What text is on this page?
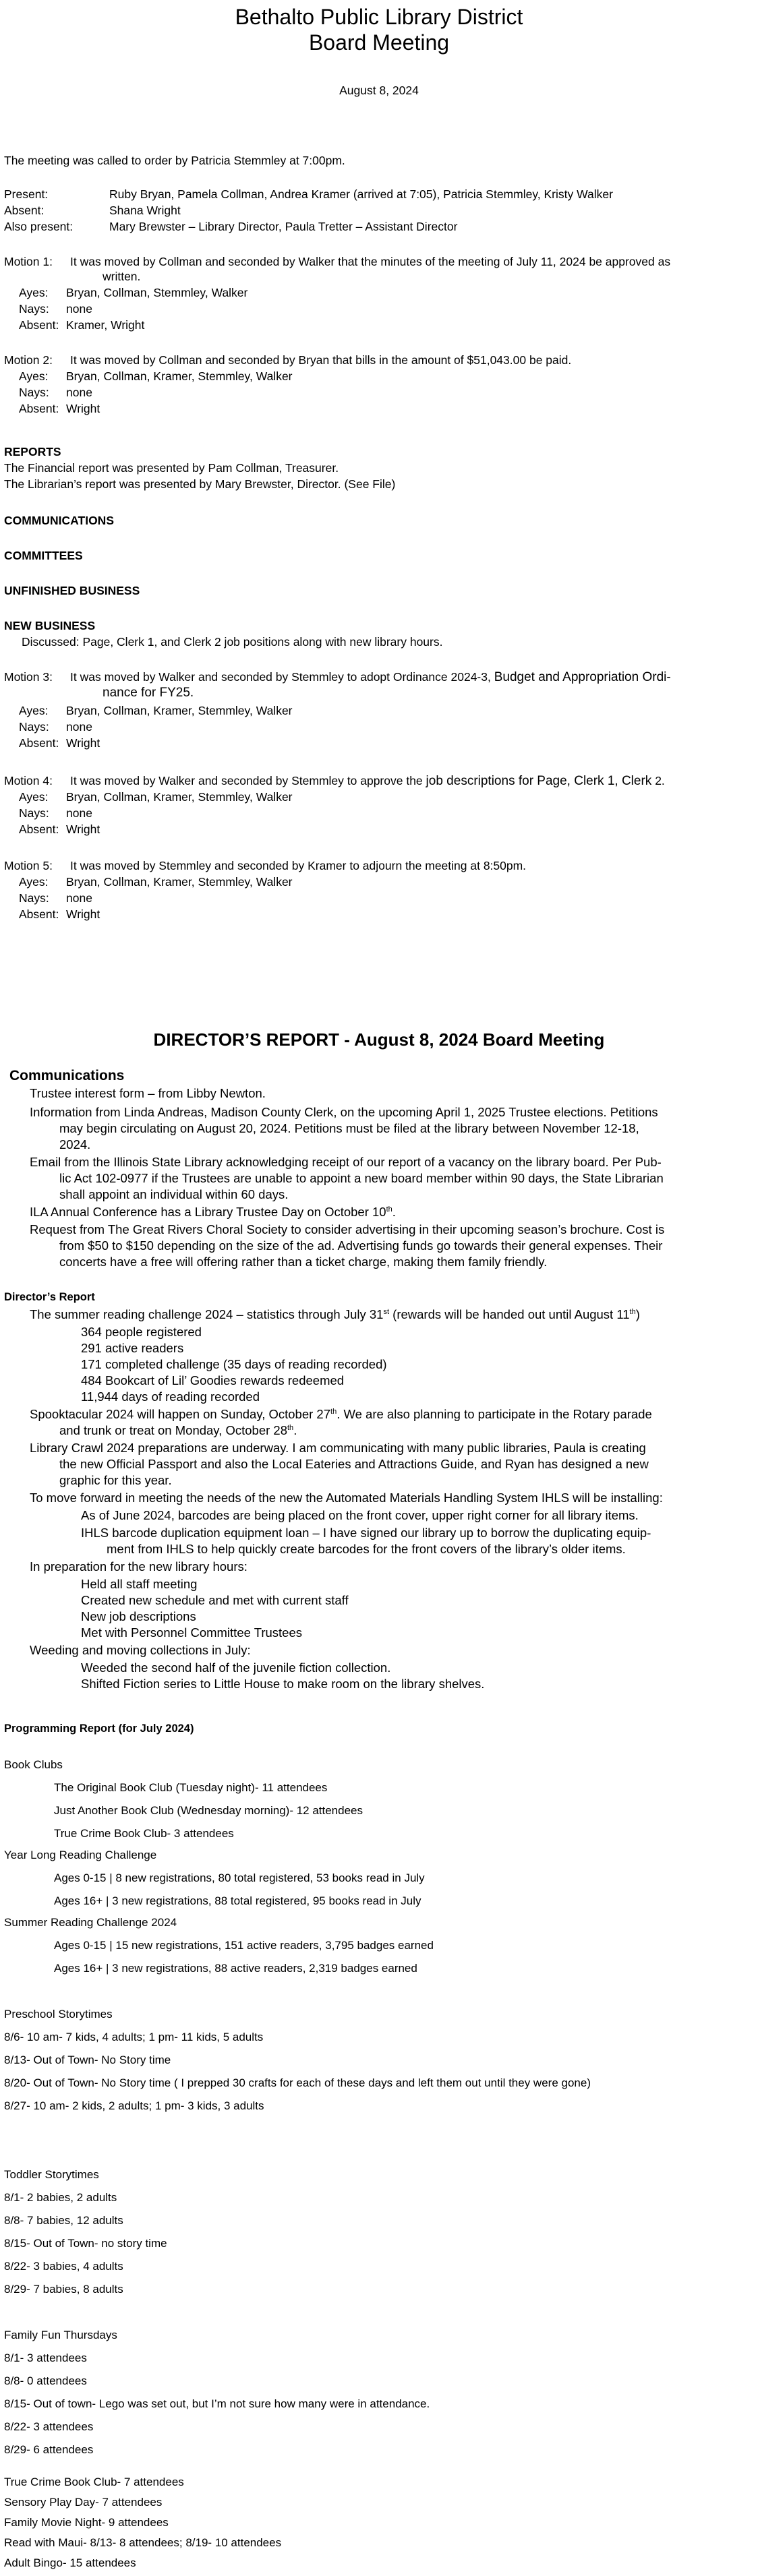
Bethalto Public Library District
Board Meeting
August 8, 2024
The meeting was called to order by Patricia Stemmley at 7:00pm.
Present:	Ruby Bryan, Pamela Collman, Andrea Kramer (arrived at 7:05), Patricia Stemmley, Kristy Walker
Absent:	Shana Wright
Also present:	Mary Brewster – Library Director, Paula Tretter – Assistant Director
Motion 1: It was moved by Collman and seconded by Walker that the minutes of the meeting of July 11, 2024 be approved as
written.
Ayes: Bryan, Collman, Stemmley, Walker
Nays: none
Absent: Kramer, Wright
Motion 2: It was moved by Collman and seconded by Bryan that bills in the amount of $51,043.00 be paid.
Ayes: Bryan, Collman, Kramer, Stemmley, Walker
Nays: none
Absent: Wright
REPORTS
The Financial report was presented by Pam Collman, Treasurer.
The Librarian’s report was presented by Mary Brewster, Director. (See File)
COMMUNICATIONS
COMMITTEES
UNFINISHED BUSINESS
NEW BUSINESS
Discussed: Page, Clerk 1, and Clerk 2 job positions along with new library hours.
Motion 3: It was moved by Walker and seconded by Stemmley to adopt Ordinance 2024-3, Budget and Appropriation Ordi-
nance for FY25.
Ayes: Bryan, Collman, Kramer, Stemmley, Walker
Nays: none
Absent: Wright
Motion 4: It was moved by Walker and seconded by Stemmley to approve the job descriptions for Page, Clerk 1, Clerk 2.
Ayes: Bryan, Collman, Kramer, Stemmley, Walker
Nays: none
Absent: Wright
Motion 5: It was moved by Stemmley and seconded by Kramer to adjourn the meeting at 8:50pm.
Ayes: Bryan, Collman, Kramer, Stemmley, Walker
Nays: none
Absent: Wright
DIRECTOR’S REPORT - August 8, 2024 Board Meeting
Communications
Trustee interest form – from Libby Newton.
Information from Linda Andreas, Madison County Clerk, on the upcoming April 1, 2025 Trustee elections. Petitions
may begin circulating on August 20, 2024. Petitions must be filed at the library between November 12-18,
2024.
Email from the Illinois State Library acknowledging receipt of our report of a vacancy on the library board. Per Pub-
lic Act 102-0977 if the Trustees are unable to appoint a new board member within 90 days, the State Librarian
shall appoint an individual within 60 days.
ILA Annual Conference has a Library Trustee Day on October 10th.
Request from The Great Rivers Choral Society to consider advertising in their upcoming season’s brochure. Cost is
from $50 to $150 depending on the size of the ad. Advertising funds go towards their general expenses. Their
concerts have a free will offering rather than a ticket charge, making them family friendly.
Director’s Report
The summer reading challenge 2024 – statistics through July 31st (rewards will be handed out until August 11th)
364 people registered
291 active readers
171 completed challenge (35 days of reading recorded)
484 Bookcart of Lil’ Goodies rewards redeemed
11,944 days of reading recorded
Spooktacular 2024 will happen on Sunday, October 27th. We are also planning to participate in the Rotary parade
and trunk or treat on Monday, October 28th.
Library Crawl 2024 preparations are underway. I am communicating with many public libraries, Paula is creating
the new Official Passport and also the Local Eateries and Attractions Guide, and Ryan has designed a new
graphic for this year.
To move forward in meeting the needs of the new the Automated Materials Handling System IHLS will be installing:
As of June 2024, barcodes are being placed on the front cover, upper right corner for all library items.
IHLS barcode duplication equipment loan – I have signed our library up to borrow the duplicating equip-
ment from IHLS to help quickly create barcodes for the front covers of the library’s older items.
In preparation for the new library hours:
Held all staff meeting
Created new schedule and met with current staff
New job descriptions
Met with Personnel Committee Trustees
Weeding and moving collections in July:
Weeded the second half of the juvenile fiction collection.
Shifted Fiction series to Little House to make room on the library shelves.
Programming Report (for July 2024)
Book Clubs
The Original Book Club (Tuesday night)- 11 attendees
Just Another Book Club (Wednesday morning)- 12 attendees
True Crime Book Club- 3 attendees
Year Long Reading Challenge
Ages 0-15 | 8 new registrations, 80 total registered, 53 books read in July
Ages 16+ | 3 new registrations, 88 total registered, 95 books read in July
Summer Reading Challenge 2024
Ages 0-15 | 15 new registrations, 151 active readers, 3,795 badges earned
Ages 16+ | 3 new registrations, 88 active readers, 2,319 badges earned
Preschool Storytimes
8/6- 10 am- 7 kids, 4 adults; 1 pm- 11 kids, 5 adults
8/13- Out of Town- No Story time
8/20- Out of Town- No Story time ( I prepped 30 crafts for each of these days and left them out until they were gone)
8/27- 10 am- 2 kids, 2 adults; 1 pm- 3 kids, 3 adults
Toddler Storytimes
8/1- 2 babies, 2 adults
8/8- 7 babies, 12 adults
8/15- Out of Town- no story time
8/22- 3 babies, 4 adults
8/29- 7 babies, 8 adults
Family Fun Thursdays
8/1- 3 attendees
8/8- 0 attendees
8/15- Out of town- Lego was set out, but I’m not sure how many were in attendance.
8/22- 3 attendees
8/29- 6 attendees
True Crime Book Club- 7 attendees
Sensory Play Day- 7 attendees
Family Movie Night- 9 attendees
Read with Maui- 8/13- 8 attendees; 8/19- 10 attendees
Adult Bingo- 15 attendees
